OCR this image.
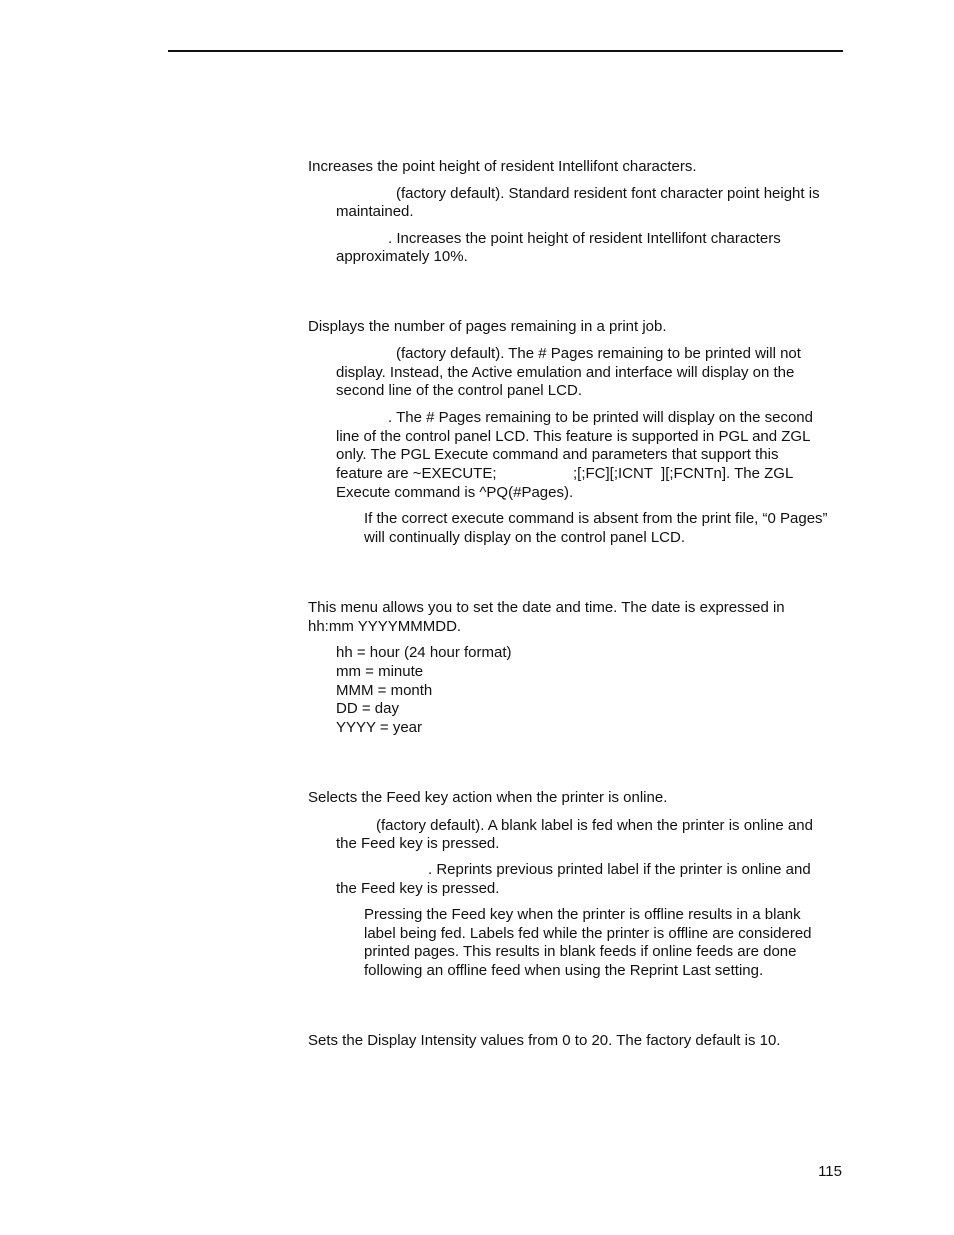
Increases the point height of resident Intellifont characters.
(factory default). Standard resident font character point height is
maintained.
. Increases the point height of resident Intellifont characters
approximately 10%.
Displays the number of pages remaining in a print job.
(factory default). The # Pages remaining to be printed will not
display. Instead, the Active emulation and interface will display on the
second line of the control panel LCD.
. The # Pages remaining to be printed will display on the second
line of the control panel LCD. This feature is supported in PGL and ZGL
only. The PGL Execute command and parameters that support this
feature are ~EXECUTE;	;[;FC][;ICNT  ][;FCNTn]. The ZGL
Execute command is ^PQ(#Pages).
If the correct execute command is absent from the print file, “0 Pages”
will continually display on the control panel LCD.
This menu allows you to set the date and time. The date is expressed in
hh:mm YYYYMMMDD.
hh = hour (24 hour format)
mm = minute
MMM = month
DD = day
YYYY = year
Selects the Feed key action when the printer is online.
(factory default). A blank label is fed when the printer is online and
the Feed key is pressed.
. Reprints previous printed label if the printer is online and
the Feed key is pressed.
Pressing the Feed key when the printer is offline results in a blank
label being fed. Labels fed while the printer is offline are considered
printed pages. This results in blank feeds if online feeds are done
following an offline feed when using the Reprint Last setting.
Sets the Display Intensity values from 0 to 20. The factory default is 10.
115
